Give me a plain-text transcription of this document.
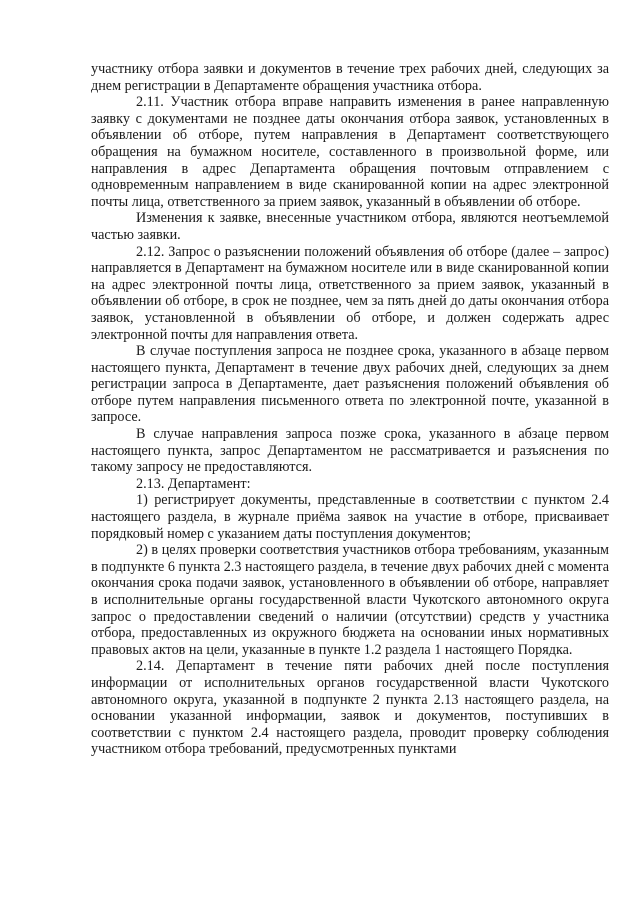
участнику отбора заявки и документов в течение трех рабочих дней, следующих за днем регистрации в Департаменте обращения участника отбора.

2.11. Участник отбора вправе направить изменения в ранее направленную заявку с документами не позднее даты окончания отбора заявок, установленных в объявлении об отборе, путем направления в Департамент соответствующего обращения на бумажном носителе, составленного в произвольной форме, или направления в адрес Департамента обращения почтовым отправлением с одновременным направлением в виде сканированной копии на адрес электронной почты лица, ответственного за прием заявок, указанный в объявлении об отборе.

Изменения к заявке, внесенные участником отбора, являются неотъемлемой частью заявки.

2.12. Запрос о разъяснении положений объявления об отборе (далее – запрос) направляется в Департамент на бумажном носителе или в виде сканированной копии на адрес электронной почты лица, ответственного за прием заявок, указанный в объявлении об отборе, в срок не позднее, чем за пять дней до даты окончания отбора заявок, установленной в объявлении об отборе, и должен содержать адрес электронной почты для направления ответа.

В случае поступления запроса не позднее срока, указанного в абзаце первом настоящего пункта, Департамент в течение двух рабочих дней, следующих за днем регистрации запроса в Департаменте, дает разъяснения положений объявления об отборе путем направления письменного ответа по электронной почте, указанной в запросе.

В случае направления запроса позже срока, указанного в абзаце первом настоящего пункта, запрос Департаментом не рассматривается и разъяснения по такому запросу не предоставляются.

2.13. Департамент:

1) регистрирует документы, представленные в соответствии с пунктом 2.4 настоящего раздела, в журнале приёма заявок на участие в отборе, присваивает порядковый номер с указанием даты поступления документов;

2) в целях проверки соответствия участников отбора требованиям, указанным в подпункте 6 пункта 2.3 настоящего раздела, в течение двух рабочих дней с момента окончания срока подачи заявок, установленного в объявлении об отборе, направляет в исполнительные органы государственной власти Чукотского автономного округа запрос о предоставлении сведений о наличии (отсутствии) средств у участника отбора, предоставленных из окружного бюджета на основании иных нормативных правовых актов на цели, указанные в пункте 1.2 раздела 1 настоящего Порядка.

2.14. Департамент в течение пяти рабочих дней после поступления информации от исполнительных органов государственной власти Чукотского автономного округа, указанной в подпункте 2 пункта 2.13 настоящего раздела, на основании указанной информации, заявок и документов, поступивших в соответствии с пунктом 2.4 настоящего раздела, проводит проверку соблюдения участником отбора требований, предусмотренных пунктами
